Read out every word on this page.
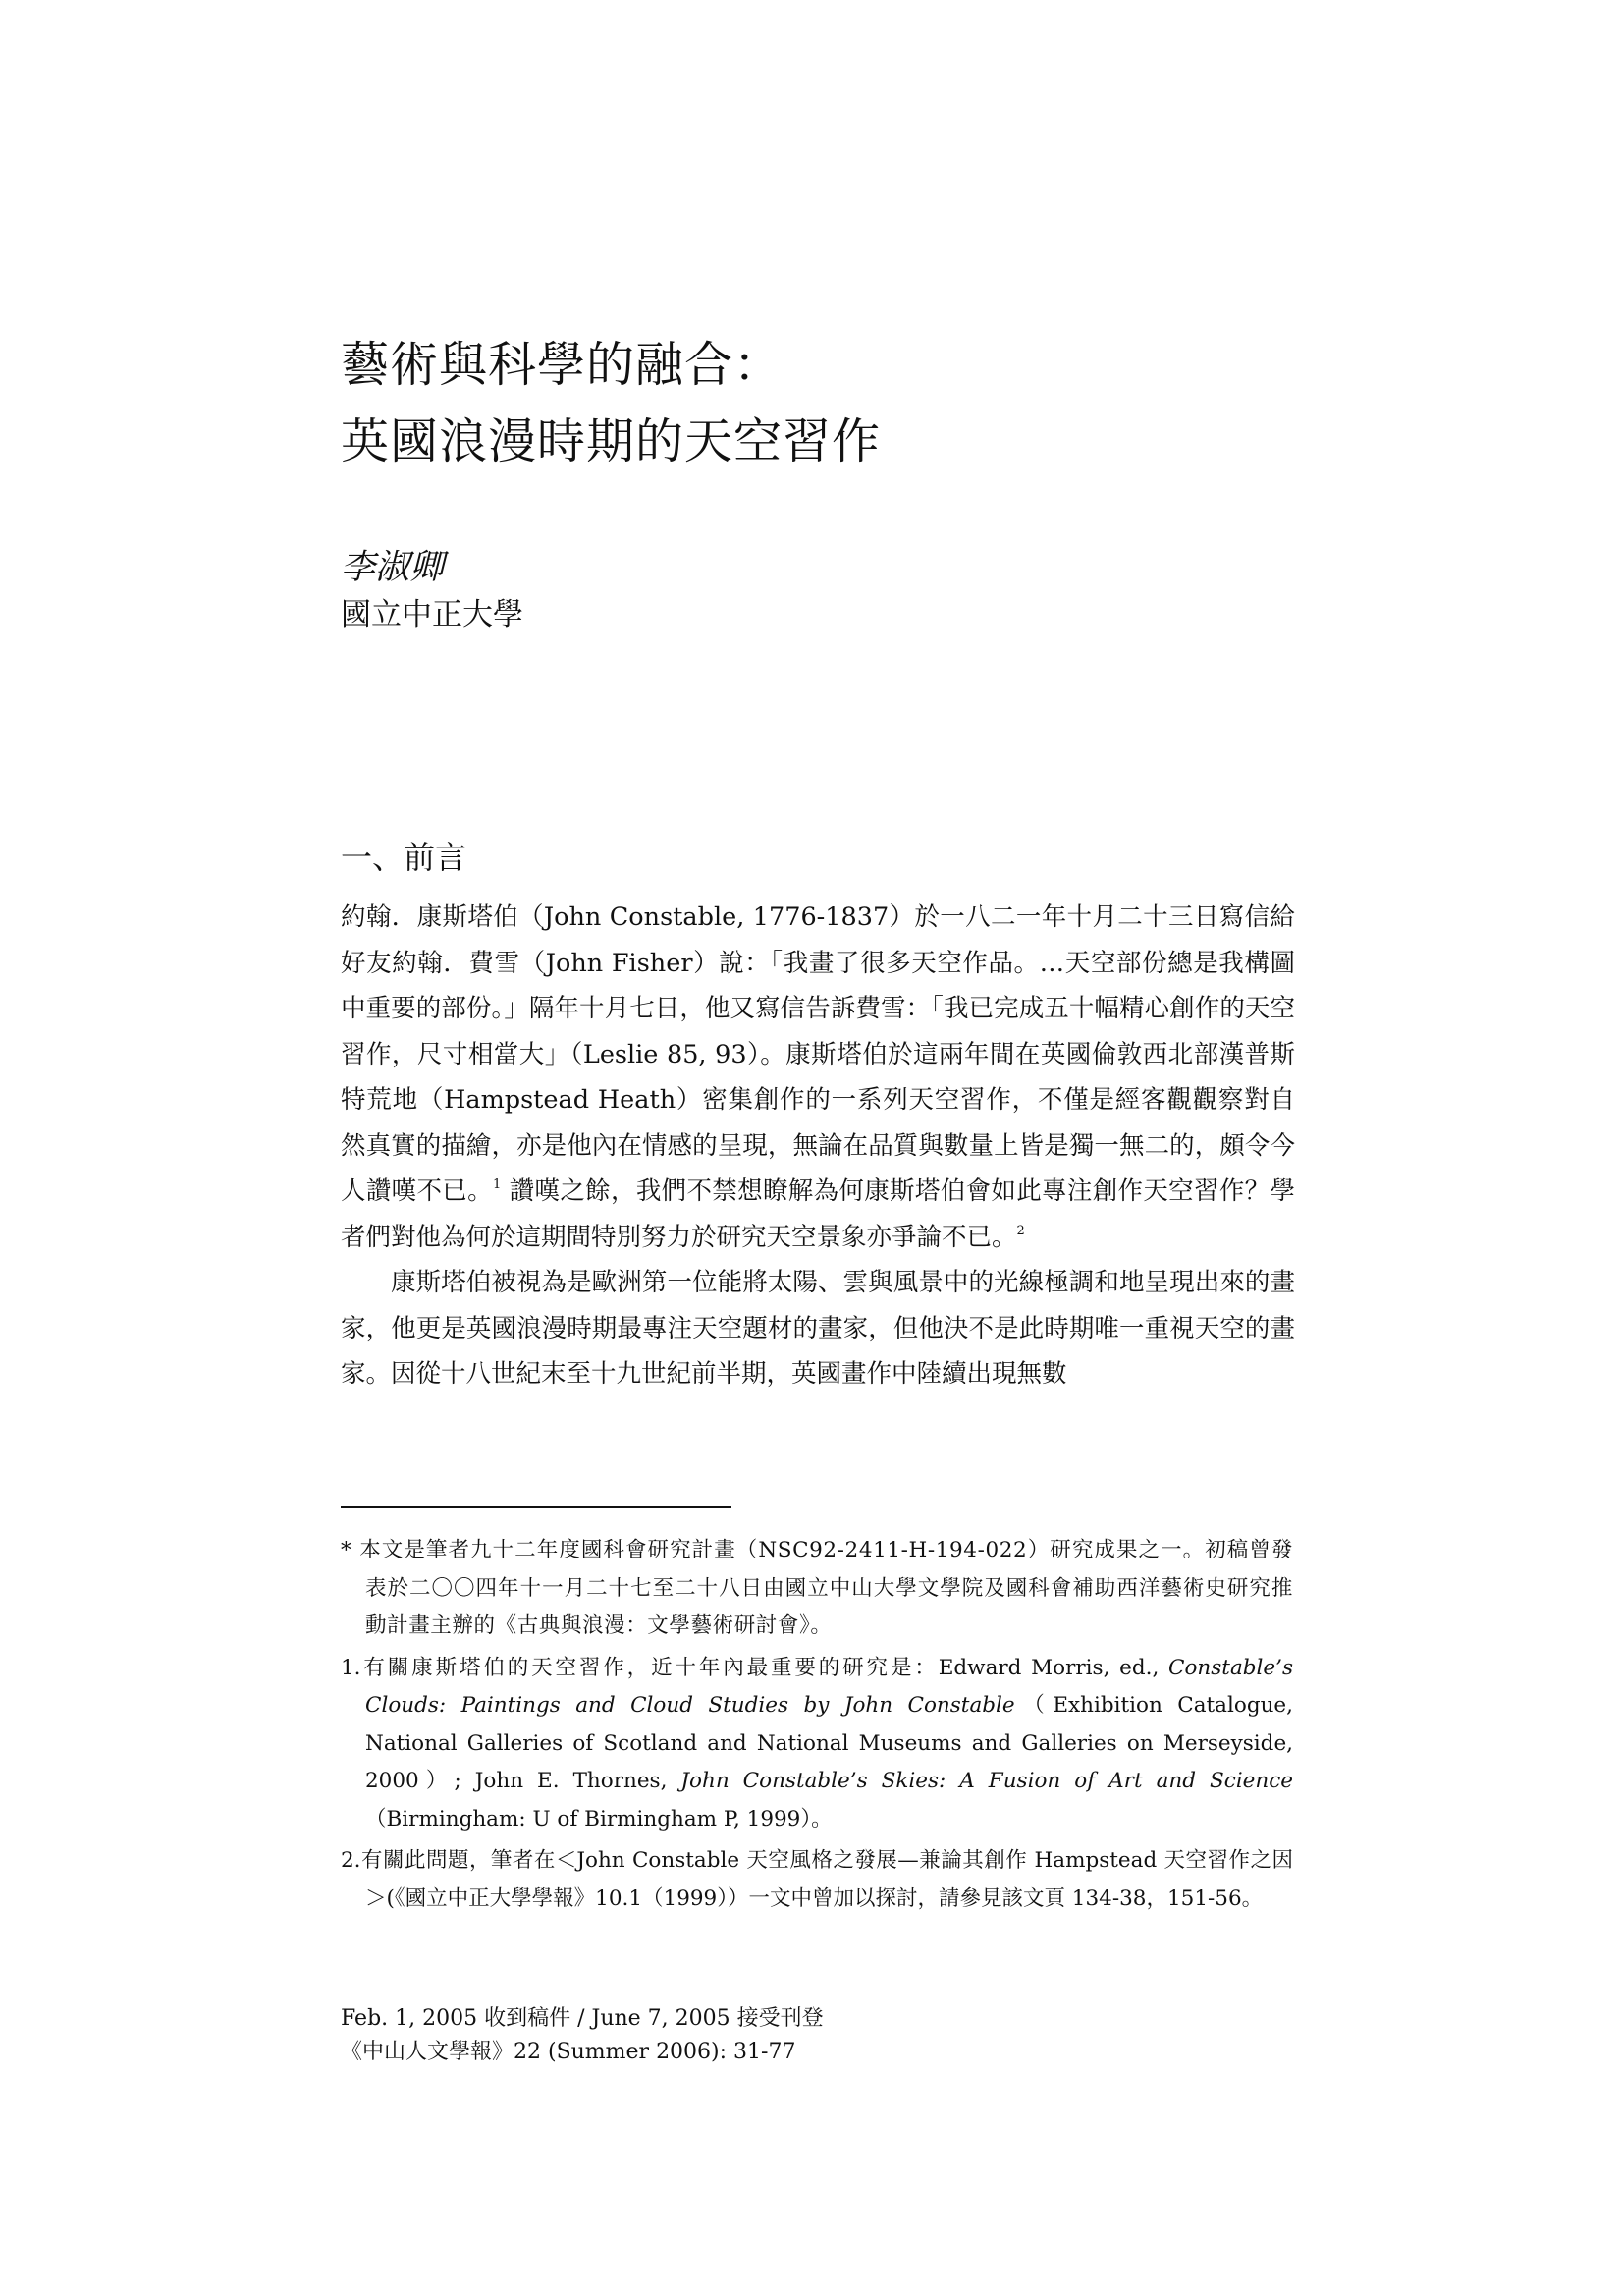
藝術與科學的融合：
英國浪漫時期的天空習作
李淑卿
國立中正大學
一、前言

約翰．康斯塔伯（John Constable, 1776-1837）於一八二一年十月二十三日寫信給好友約翰．費雪（John Fisher）說：「我畫了很多天空作品。…天空部份總是我構圖中重要的部份。」隔年十月七日，他又寫信告訴費雪：「我已完成五十幅精心創作的天空習作，尺寸相當大」（Leslie 85, 93）。康斯塔伯於這兩年間在英國倫敦西北部漢普斯特荒地（Hampstead Heath）密集創作的一系列天空習作，不僅是經客觀觀察對自然真實的描繪，亦是他內在情感的呈現，無論在品質與數量上皆是獨一無二的，頗令今人讚嘆不已。$^1$ 讚嘆之餘，我們不禁想瞭解為何康斯塔伯會如此專注創作天空習作？學者們對他為何於這期間特別努力於研究天空景象亦爭論不已。$^2$

康斯塔伯被視為是歐洲第一位能將太陽、雲與風景中的光線極調和地呈現出來的畫家，他更是英國浪漫時期最專注天空題材的畫家，但他決不是此時期唯一重視天空的畫家。因從十八世紀末至十九世紀前半期，英國畫作中陸續出現無數

* 本文是筆者九十二年度國科會研究計畫（NSC92-2411-H-194-022）研究成果之一。初稿曾發表於二〇〇四年十一月二十七至二十八日由國立中山大學文學院及國科會補助西洋藝術史研究推動計畫主辦的《古典與浪漫：文學藝術研討會》。

1.有關康斯塔伯的天空習作，近十年內最重要的研究是：Edward Morris, ed., Constable’s Clouds: Paintings and Cloud Studies by John Constable（Exhibition Catalogue, National Galleries of Scotland and National Museums and Galleries on Merseyside, 2000）; John E. Thornes, John Constable’s Skies: A Fusion of Art and Science（Birmingham: U of Birmingham P, 1999）。

2.有關此問題，筆者在＜John Constable 天空風格之發展—兼論其創作 Hampstead 天空習作之因＞(《國立中正大學學報》10.1（1999））一文中曾加以探討，請參見該文頁 134-38，151-56。

Feb. 1, 2005 收到稿件 / June 7, 2005 接受刊登
《中山人文學報》22 (Summer 2006): 31-77
